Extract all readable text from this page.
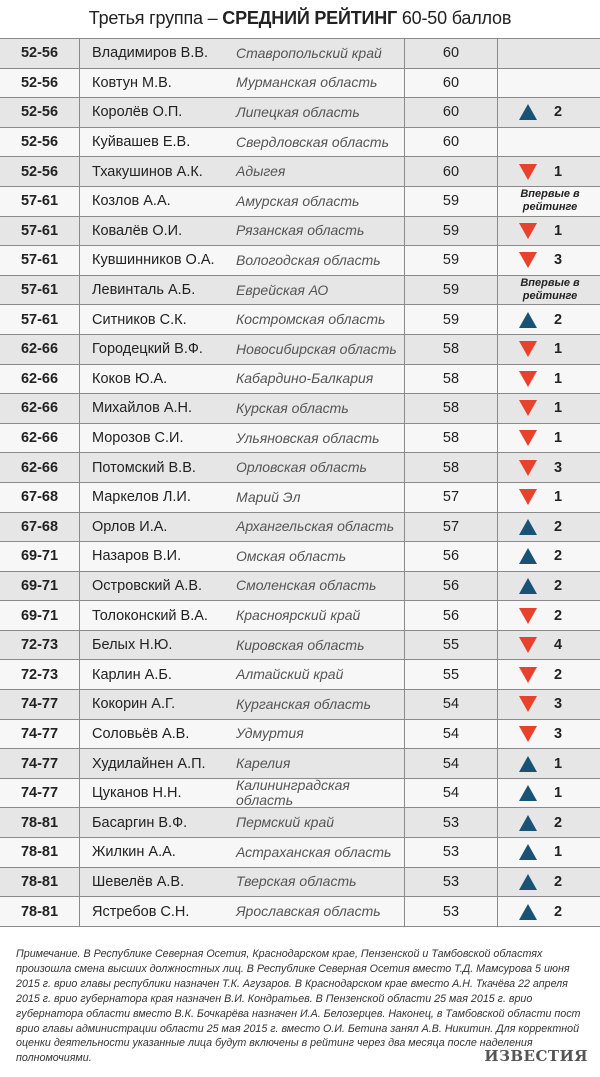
Третья группа – СРЕДНИЙ РЕЙТИНГ 60-50 баллов
52-56	Владимиров В.В.	Ставропольский край	60
52-56	Ковтун М.В.	Мурманская область	60
52-56	Королёв О.П.	Липецкая область	60	2
52-56	Куйвашев Е.В.	Свердловская область	60
52-56	Тхакушинов А.К.	Адыгея	60	1
57-61	Козлов А.А.	Амурская область	59	Впервые в рейтинге
57-61	Ковалёв О.И.	Рязанская область	59	1
57-61	Кувшинников О.А.	Вологодская область	59	3
57-61	Левинталь А.Б.	Еврейская АО	59	Впервые в рейтинге
57-61	Ситников С.К.	Костромская область	59	2
62-66	Городецкий В.Ф.	Новосибирская область	58	1
62-66	Коков Ю.А.	Кабардино-Балкария	58	1
62-66	Михайлов А.Н.	Курская область	58	1
62-66	Морозов С.И.	Ульяновская область	58	1
62-66	Потомский В.В.	Орловская область	58	3
67-68	Маркелов Л.И.	Марий Эл	57	1
67-68	Орлов И.А.	Архангельская область	57	2
69-71	Назаров В.И.	Омская область	56	2
69-71	Островский А.В.	Смоленская область	56	2
69-71	Толоконский В.А.	Красноярский край	56	2
72-73	Белых Н.Ю.	Кировская область	55	4
72-73	Карлин А.Б.	Алтайский край	55	2
74-77	Кокорин А.Г.	Курганская область	54	3
74-77	Соловьёв А.В.	Удмуртия	54	3
74-77	Худилайнен А.П.	Карелия	54	1
74-77	Цуканов Н.Н.	Калининградская область	54	1
78-81	Басаргин В.Ф.	Пермский край	53	2
78-81	Жилкин А.А.	Астраханская область	53	1
78-81	Шевелёв А.В.	Тверская область	53	2
78-81	Ястребов С.Н.	Ярославская область	53	2
Примечание. В Республике Северная Осетия, Краснодарском крае, Пензенской и Тамбовской областях произошла смена высших должностных лиц. В Республике Северная Осетия вместо Т.Д. Мамсурова 5 июня 2015 г. врио главы республики назначен Т.К. Агузаров. В Краснодарском крае вместо А.Н. Ткачёва 22 апреля 2015 г. врио губернатора края назначен В.И. Кондратьев. В Пензенской области 25 мая 2015 г. врио губернатора области вместо В.К. Бочкарёва назначен И.А. Белозерцев. Наконец, в Тамбовской области пост врио главы администрации области 25 мая 2015 г. вместо О.И. Бетина занял А.В. Никитин. Для корректной оценки деятельности указанные лица будут включены в рейтинг через два месяца после наделения полномочиями.	ИЗВЕСТИЯ
